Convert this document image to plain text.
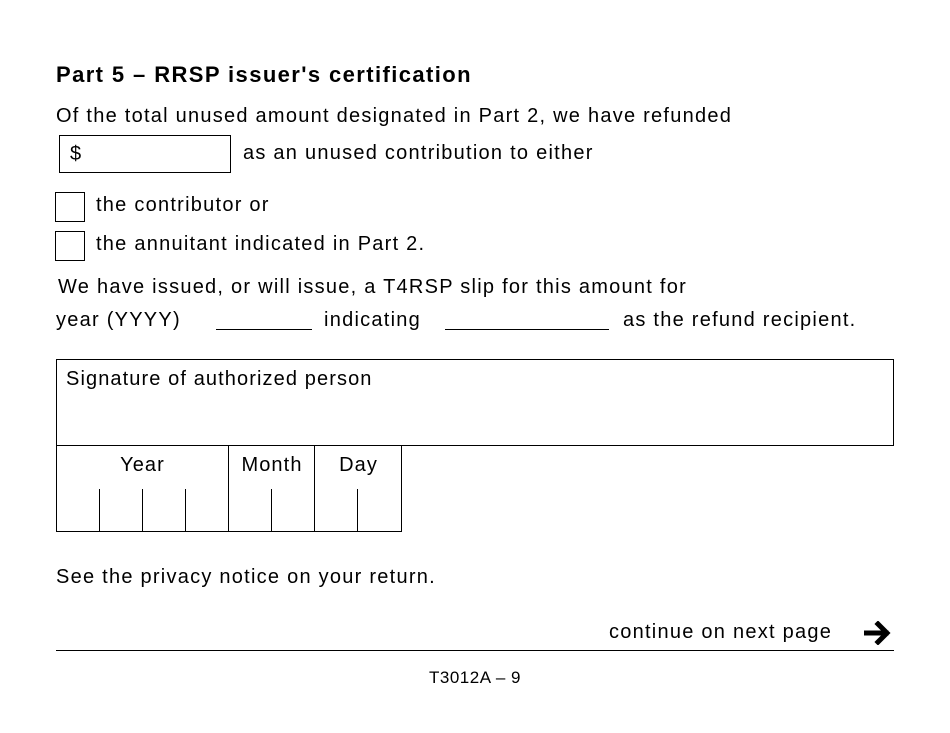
Part 5 – RRSP issuer's certification
Of the total unused amount designated in Part 2, we have refunded
$	as an unused contribution to either
the contributor or
the annuitant indicated in Part 2.
We have issued, or will issue, a T4RSP slip for this amount for
year (YYYY)	indicating	as the refund recipient.
Signature of authorized person
Year	Month	Day
See the privacy notice on your return.
continue on next page
T3012A – 9
